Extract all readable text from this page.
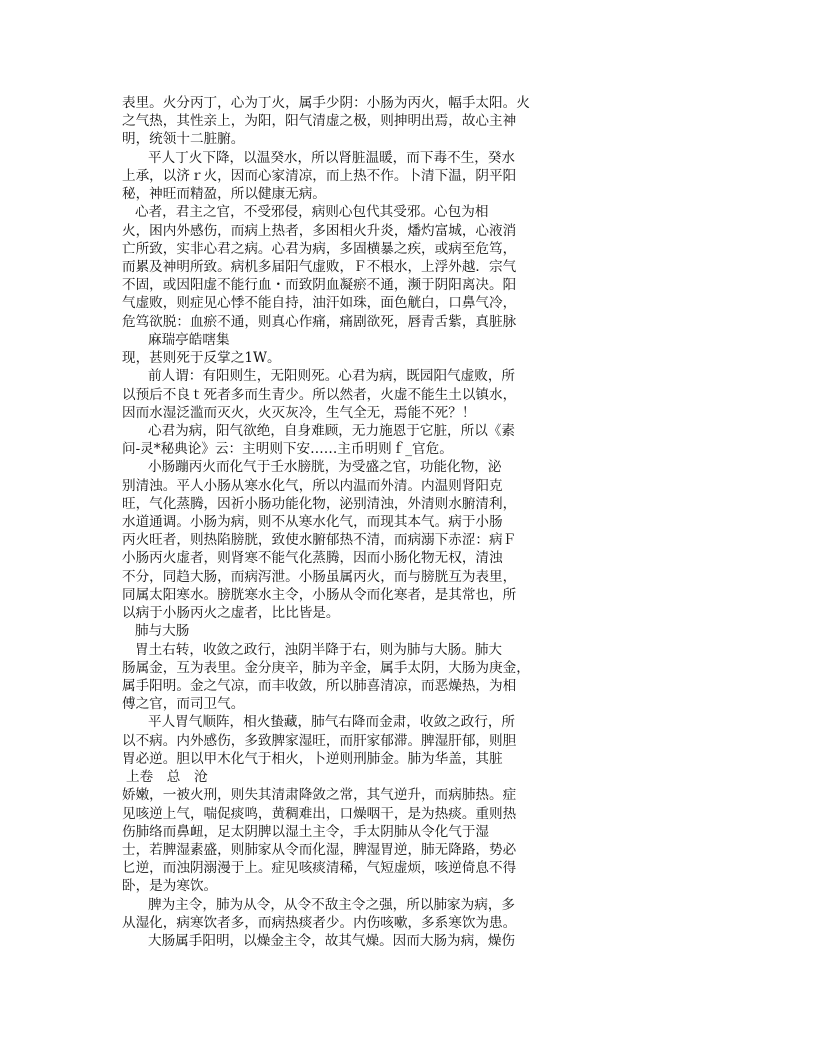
表里。火分丙丁，心为丁火，属手少阴：小肠为丙火，幅手太阳。火
之气热，其性亲上，为阳，阳气清虚之极，则抻明出焉，故心主神
明，统领十二脏腑。
平人丁火下降，以温癸水，所以肾脏温暖，而下毒不生，癸水
上承，以济ｒ火，因而心家清凉，而上热不作。卜清下温，阴平阳
秘，神旺而精盈，所以健康无病。
心者，君主之官，不受邪侵，病则心包代其受邪。心包为相
火，困内外感伤，而病上热者，多困相火升炎，燔灼富城，心液消
亡所致，实非心君之病。心君为病，多固横暴之疾，或病至危笃，
而累及神明所致。病机多届阳气虚败，Ｆ不根水，上浮外越．宗气
不固，或因阳虚不能行血・而致阴血凝瘀不通，濒于阴阳离决。阳
气虚败，则症见心悸不能自持，油汗如珠，面色觥白，口鼻气冷，
危笃欲脱：血瘀不通，则真心作痛，痛剧欲死，唇青舌紫，真脏脉
麻瑞亭皓嗐集
现，甚则死于反掌之1W。
前人谓：有阳则生，无阳则死。心君为病，既园阳气虚败，所
以预后不良ｔ死者多而生青少。所以然者，火虚不能生土以镇水，
因而水湿泛滥而灭火，火灭灰冷，生气全无，焉能不死？！
心君为病，阳气欲绝，自身难顾，无力施恩于它脏，所以《素
问-灵*秘典论》云：主明则下安……主币明则ｆ_官危。
小肠蹦丙火而化气于壬水膀胱，为受盛之官，功能化物，泌
别清浊。平人小肠从寒水化气，所以内温而外清。内温则肾阳克
旺，气化蒸腾，因祈小肠功能化物，泌别清浊，外清则水腑清利，
水道通调。小肠为病，则不从寒水化气，而现其本气。病于小肠
丙火旺者，则热陷膀胱，致使水腑郁热不清，而病溺下赤涩：病Ｆ
小肠丙火虚者，则肾寒不能气化蒸腾，因而小肠化物无权，清浊
不分，同趋大肠，而病泻泄。小肠虽属丙火，而与膀胱互为表里，
同属太阳寒水。膀胱寒水主令，小肠从令而化寒者，是其常也，所
以病于小肠丙火之虚者，比比皆是。
肺与大肠
胃土右转，收敛之政行，浊阴半降于右，则为肺与大肠。肺大
肠属金，互为表里。金分庚辛，肺为辛金，属手太阴，大肠为庚金，
属手阳明。金之气凉，而丰收敛，所以肺喜清凉，而恶燥热，为相
傅之官，而司卫气。
平人胃气顺阵，相火蛰藏，肺气右降而金肃，收敛之政行，所
以不病。内外感伤，多致脾家湿旺，而肝家郁滞。脾湿肝郁，则胆
胃必逆。胆以甲木化气于相火，卜逆则刑肺金。肺为华盖，其脏
上卷　总　沧
娇嫩，一被火刑，则失其清肃降敛之常，其气逆升，而病肺热。症
见咳逆上气，喘促痰鸣，黄稠难出，口燥咽干，是为热痰。重则热
伤肺络而鼻衄，足太阴脾以湿土主令，手太阴肺从令化气于湿
士，若脾湿素盛，则肺家从令而化湿，脾湿胃逆，肺无降路，势必
匕逆，而浊阴溺漫于上。症见咳痰清稀，气短虚烦，咳逆倚息不得
卧，是为寒饮。
脾为主令，肺为从令，从令不敌主令之强，所以肺家为病，多
从湿化，病寒饮者多，而病热痰者少。内伤咳嗽，多系寒饮为患。
大肠属手阳明，以燥金主令，故其气燥。因而大肠为病，燥伤
